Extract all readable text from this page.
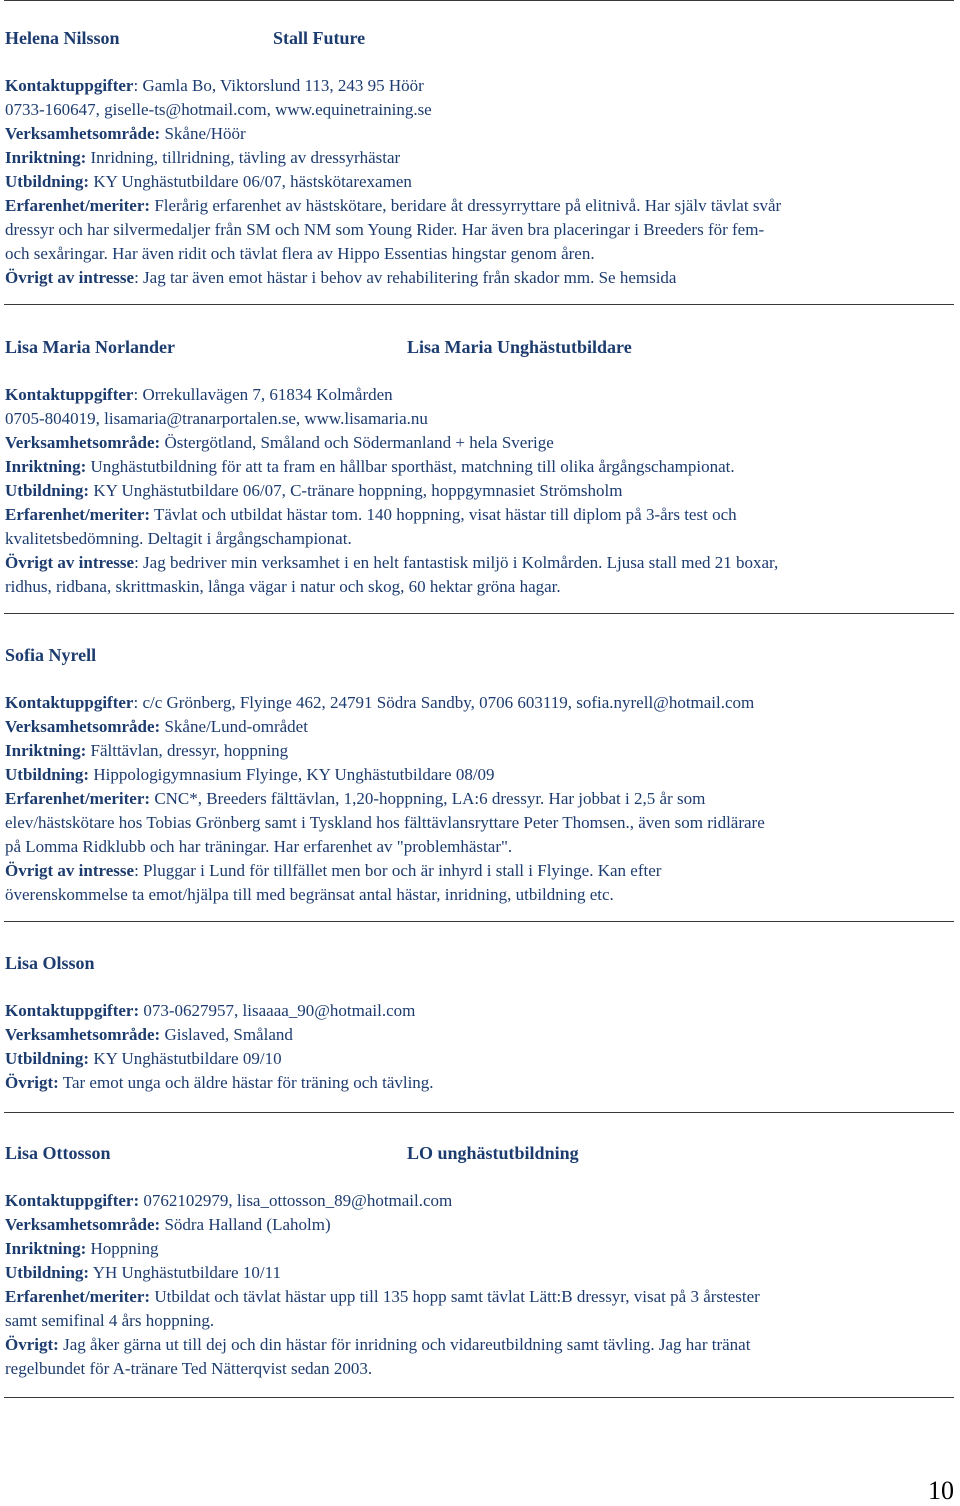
Helena Nilsson	Stall Future
Kontaktuppgifter: Gamla Bo, Viktorslund 113, 243 95 Höör
0733-160647, giselle-ts@hotmail.com, www.equinetraining.se
Verksamhetsområde: Skåne/Höör
Inriktning: Inridning, tillridning, tävling av dressyrhästar
Utbildning: KY Unghästutbildare 06/07, hästskötarexamen
Erfarenhet/meriter: Flerårig erfarenhet av hästskötare, beridare åt dressyrryttare på elitnivå. Har själv tävlat svår
dressyr och har silvermedaljer från SM och NM som Young Rider. Har även bra placeringar i Breeders för fem-
och sexåringar. Har även ridit och tävlat flera av Hippo Essentias hingstar genom åren.
Övrigt av intresse: Jag tar även emot hästar i behov av rehabilitering från skador mm. Se hemsida
Lisa Maria Norlander	Lisa Maria Unghästutbildare
Kontaktuppgifter: Orrekullavägen 7, 61834 Kolmården
0705-804019, lisamaria@tranarportalen.se, www.lisamaria.nu
Verksamhetsområde: Östergötland, Småland och Södermanland + hela Sverige
Inriktning: Unghästutbildning för att ta fram en hållbar sporthäst, matchning till olika årgångschampionat.
Utbildning: KY Unghästutbildare 06/07, C-tränare hoppning, hoppgymnasiet Strömsholm
Erfarenhet/meriter: Tävlat och utbildat hästar tom. 140 hoppning, visat hästar till diplom på 3-års test och
kvalitetsbedömning. Deltagit i årgångschampionat.
Övrigt av intresse: Jag bedriver min verksamhet i en helt fantastisk miljö i Kolmården. Ljusa stall med 21 boxar,
ridhus, ridbana, skrittmaskin, långa vägar i natur och skog, 60 hektar gröna hagar.
Sofia Nyrell
Kontaktuppgifter: c/c Grönberg, Flyinge 462, 24791 Södra Sandby, 0706 603119, sofia.nyrell@hotmail.com
Verksamhetsområde: Skåne/Lund-området
Inriktning: Fälttävlan, dressyr, hoppning
Utbildning: Hippologigymnasium Flyinge, KY Unghästutbildare 08/09
Erfarenhet/meriter: CNC*, Breeders fälttävlan, 1,20-hoppning, LA:6 dressyr. Har jobbat i 2,5 år som
elev/hästskötare hos Tobias Grönberg samt i Tyskland hos fälttävlansryttare Peter Thomsen., även som ridlärare
på Lomma Ridklubb och har träningar. Har erfarenhet av "problemhästar".
Övrigt av intresse: Pluggar i Lund för tillfället men bor och är inhyrd i stall i Flyinge. Kan efter
överenskommelse ta emot/hjälpa till med begränsat antal hästar, inridning, utbildning etc.
Lisa Olsson
Kontaktuppgifter: 073-0627957, lisaaaa_90@hotmail.com
Verksamhetsområde: Gislaved, Småland
Utbildning: KY Unghästutbildare 09/10
Övrigt: Tar emot unga och äldre hästar för träning och tävling.
Lisa Ottosson	LO unghästutbildning
Kontaktuppgifter: 0762102979, lisa_ottosson_89@hotmail.com
Verksamhetsområde: Södra Halland (Laholm)
Inriktning: Hoppning
Utbildning: YH Unghästutbildare 10/11
Erfarenhet/meriter: Utbildat och tävlat hästar upp till 135 hopp samt tävlat Lätt:B dressyr, visat på 3 årstester
samt semifinal 4 års hoppning.
Övrigt: Jag åker gärna ut till dej och din hästar för inridning och vidareutbildning samt tävling. Jag har tränat
regelbundet för A-tränare Ted Nätterqvist sedan 2003.
10
